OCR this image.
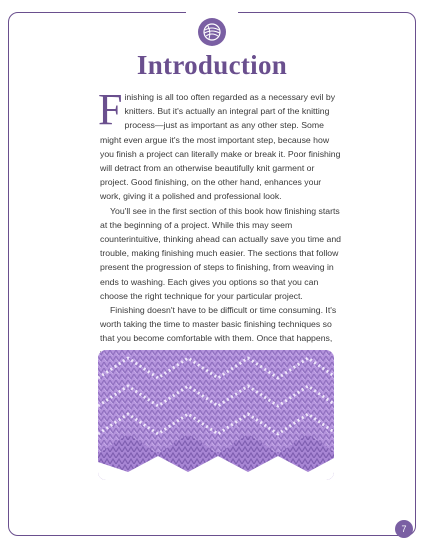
Introduction

Finishing is all too often regarded as a necessary evil by knitters. But it's actually an integral part of the knitting process—just as important as any other step. Some might even argue it's the most important step, because how you finish a project can literally make or break it. Poor finishing will detract from an otherwise beautifully knit garment or project. Good finishing, on the other hand, enhances your work, giving it a polished and professional look.

You'll see in the first section of this book how finishing starts at the beginning of a project. While this may seem counterintuitive, thinking ahead can actually save you time and trouble, making finishing much easier. The sections that follow present the progression of steps to finishing, from weaving in ends to washing. Each gives you options so that you can choose the right technique for your particular project.

Finishing doesn't have to be difficult or time consuming. It's worth taking the time to master basic finishing techniques so that you become comfortable with them. Once that happens,

7
